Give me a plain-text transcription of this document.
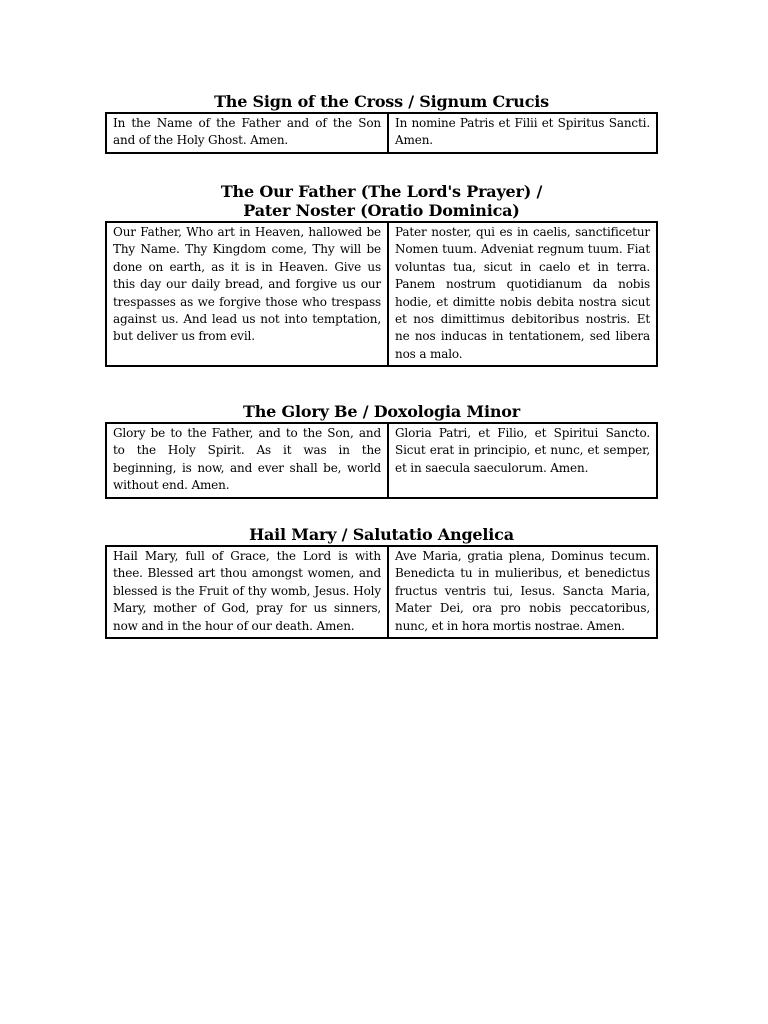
The Sign of the Cross / Signum Crucis
In the Name of the Father and of the Son and of the Holy Ghost. Amen.	In nomine Patris et Filii et Spiritus Sancti. Amen.
The Our Father (The Lord's Prayer) /
Pater Noster (Oratio Dominica)
Our Father, Who art in Heaven, hallowed be Thy Name. Thy Kingdom come, Thy will be done on earth, as it is in Heaven. Give us this day our daily bread, and forgive us our trespasses as we forgive those who trespass against us. And lead us not into temptation, but deliver us from evil.	Pater noster, qui es in caelis, sanctificetur Nomen tuum. Adveniat regnum tuum. Fiat voluntas tua, sicut in caelo et in terra. Panem nostrum quotidianum da nobis hodie, et dimitte nobis debita nostra sicut et nos dimittimus debitoribus nostris. Et ne nos inducas in tentationem, sed libera nos a malo.
The Glory Be / Doxologia Minor
Glory be to the Father, and to the Son, and to the Holy Spirit. As it was in the beginning, is now, and ever shall be, world without end. Amen.	Gloria Patri, et Filio, et Spiritui Sancto. Sicut erat in principio, et nunc, et semper, et in saecula saeculorum. Amen.
Hail Mary / Salutatio Angelica
Hail Mary, full of Grace, the Lord is with thee. Blessed art thou amongst women, and blessed is the Fruit of thy womb, Jesus. Holy Mary, mother of God, pray for us sinners, now and in the hour of our death. Amen.	Ave Maria, gratia plena, Dominus tecum. Benedicta tu in mulieribus, et benedictus fructus ventris tui, Iesus. Sancta Maria, Mater Dei, ora pro nobis peccatoribus, nunc, et in hora mortis nostrae. Amen.
